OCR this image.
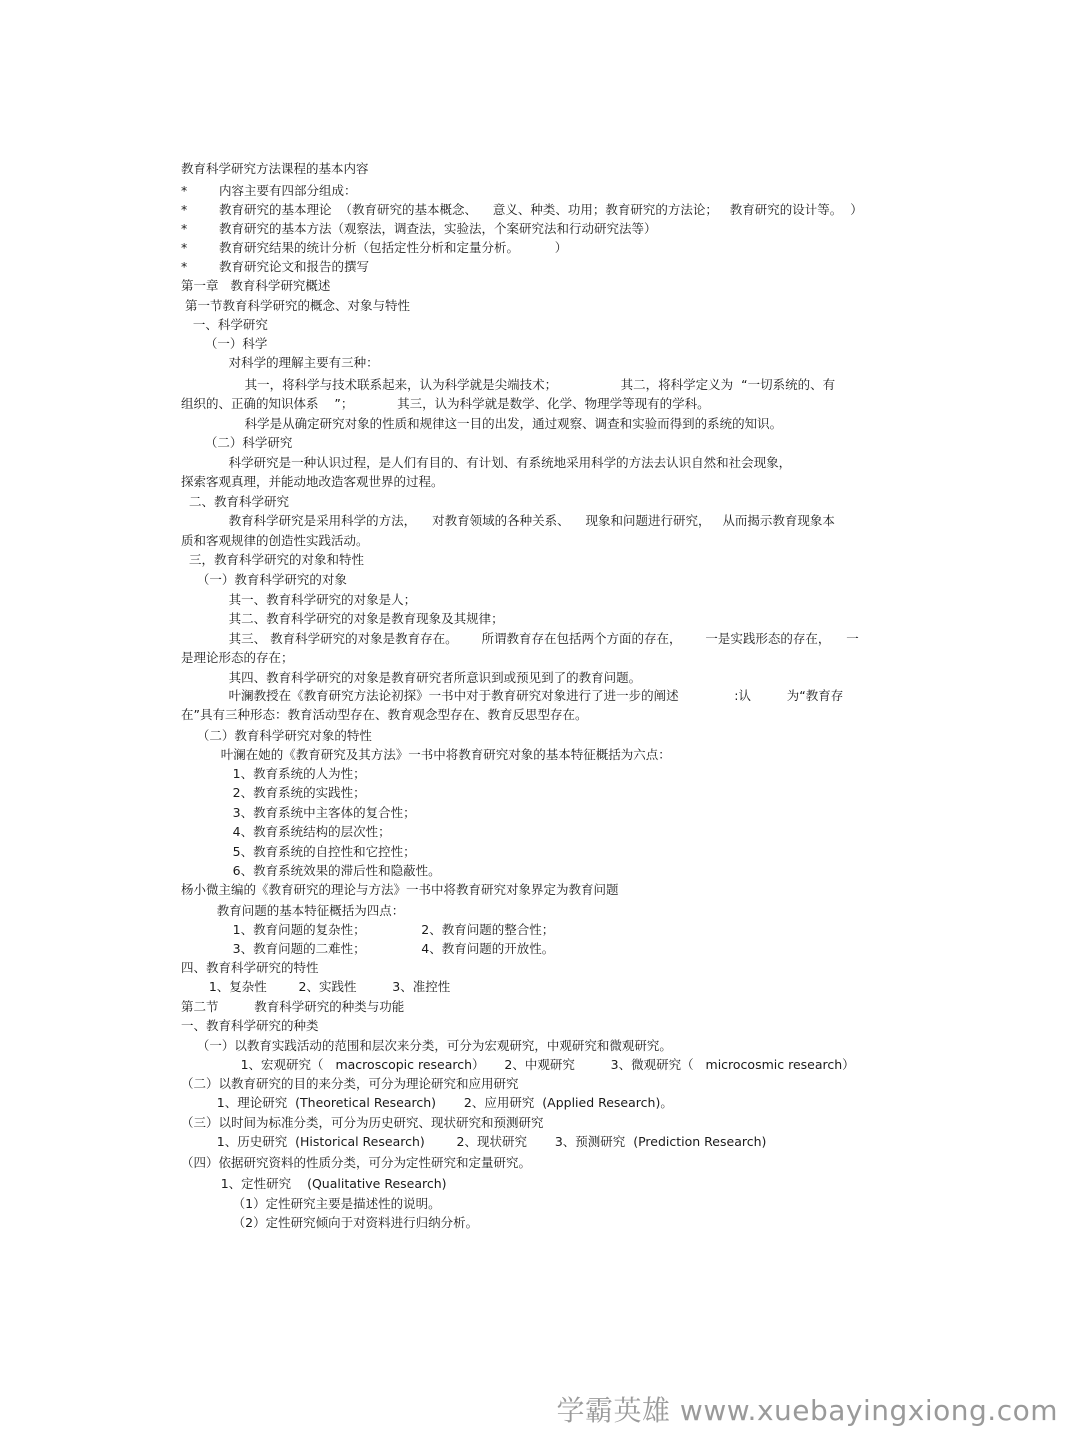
教育科学研究方法课程的基本内容
*        内容主要有四部分组成：
*        教育研究的基本理论  （教育研究的基本概念、    意义、种类、功用；教育研究的方法论；   教育研究的设计等。  ）
*        教育研究的基本方法（观察法，调查法，实验法，个案研究法和行动研究法等）
*        教育研究结果的统计分析（包括定性分析和定量分析。         ）
*        教育研究论文和报告的撰写
第一章   教育科学研究概述
第一节教育科学研究的概念、对象与特性
一、科学研究
（一）科学
对科学的理解主要有三种：
其一，将科学与技术联系起来，认为科学就是尖端技术；                其二，将科学定义为  “一切系统的、有
组织的、正确的知识体系    ”；           其三，认为科学就是数学、化学、物理学等现有的学科。
科学是从确定研究对象的性质和规律这一目的出发，通过观察、调查和实验而得到的系统的知识。
（二）科学研究
科学研究是一种认识过程，是人们有目的、有计划、有系统地采用科学的方法去认识自然和社会现象，
探索客观真理，并能动地改造客观世界的过程。
二、教育科学研究
教育科学研究是采用科学的方法，    对教育领域的各种关系、    现象和问题进行研究，   从而揭示教育现象本
质和客观规律的创造性实践活动。
三，教育科学研究的对象和特性
（一）教育科学研究的对象
其一、教育科学研究的对象是人；
其二、教育科学研究的对象是教育现象及其规律；
其三、 教育科学研究的对象是教育存在。      所谓教育存在包括两个方面的存在，      一是实践形态的存在，    一
是理论形态的存在；
其四、教育科学研究的对象是教育研究者所意识到或预见到了的教育问题。
叶澜教授在《教育研究方法论初探》一书中对于教育研究对象进行了进一步的阐述              :认         为“教育存
在”具有三种形态：教育活动型存在、教育观念型存在、教育反思型存在。
（二）教育科学研究对象的特性
叶澜在她的《教育研究及其方法》一书中将教育研究对象的基本特征概括为六点：
1、教育系统的人为性；
2、教育系统的实践性；
3、教育系统中主客体的复合性；
4、教育系统结构的层次性；
5、教育系统的自控性和它控性；
6、教育系统效果的滞后性和隐蔽性。
杨小微主编的《教育研究的理论与方法》一书中将教育研究对象界定为教育问题
教育问题的基本特征概括为四点：
1、教育问题的复杂性；              2、教育问题的整合性；
3、教育问题的二难性；              4、教育问题的开放性。
四、教育科学研究的特性
1、复杂性        2、实践性         3、准控性
第二节         教育科学研究的种类与功能
一、教育科学研究的种类
（一）以教育实践活动的范围和层次来分类，可分为宏观研究，中观研究和微观研究。
1、宏观研究（   macroscopic research）     2、中观研究         3、微观研究（   microcosmic research）
（二）以教育研究的目的来分类，可分为理论研究和应用研究
1、理论研究  (Theoretical Research)       2、应用研究  (Applied Research)。
（三）以时间为标准分类，可分为历史研究、现状研究和预测研究
1、历史研究  (Historical Research)        2、现状研究       3、预测研究  (Prediction Research)
（四）依据研究资料的性质分类，可分为定性研究和定量研究。
1、定性研究    (Qualitative Research)
（1）定性研究主要是描述性的说明。
（2）定性研究倾向于对资料进行归纳分析。
学霸英雄 www.xuebayingxiong.com
